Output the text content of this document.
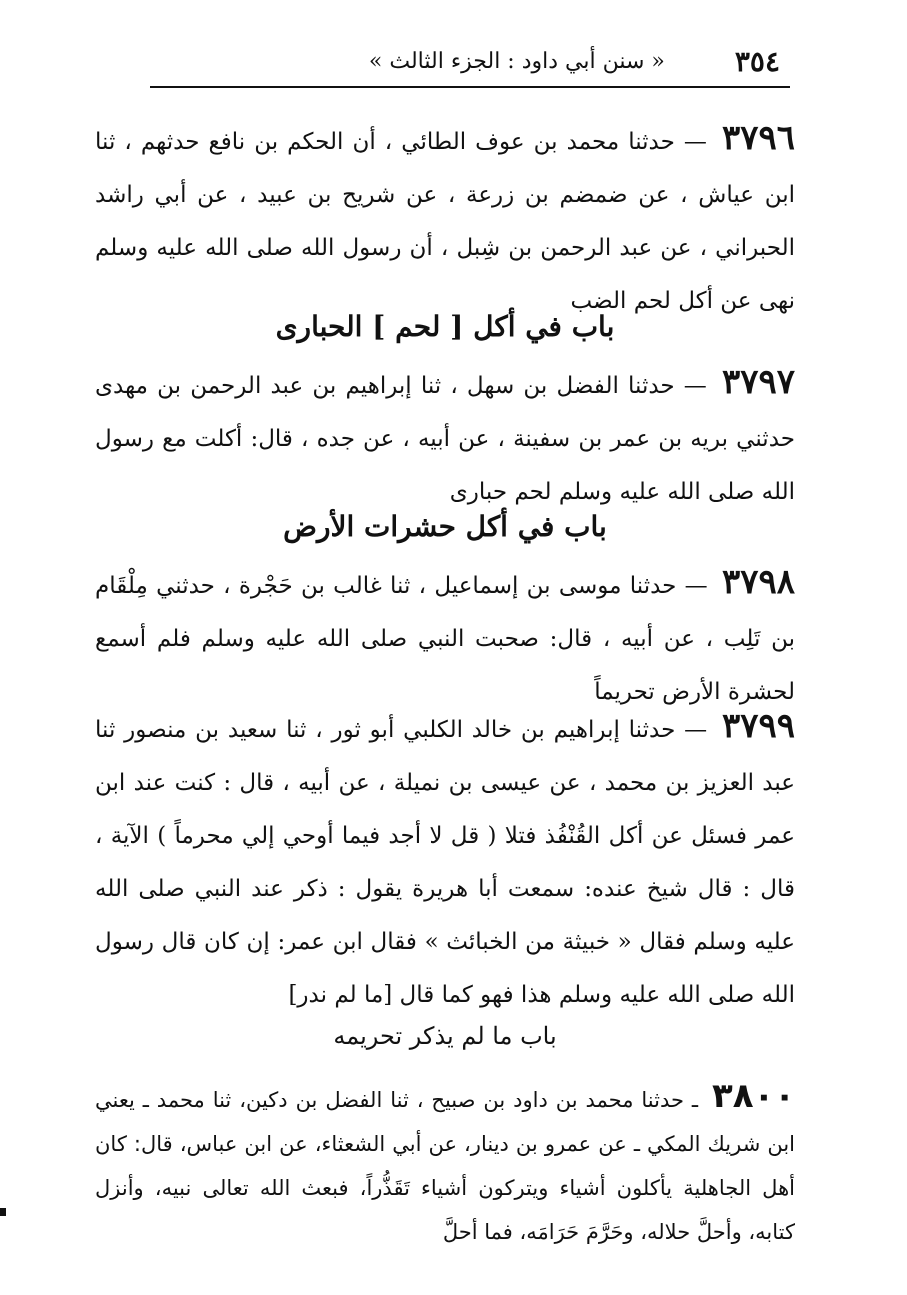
٣٥٤
« سنن أبي داود : الجزء الثالث »
٣٧٩٦ — حدثنا محمد بن عوف الطائي ، أن الحكم بن نافع حدثهم ، ثنا ابن عياش ، عن ضمضم بن زرعة ، عن شريح بن عبيد ، عن أبي راشد الحبراني ، عن عبد الرحمن بن شِبل ، أن رسول الله صلى الله عليه وسلم نهى عن أكل لحم الضب
باب في أكل [ لحم ] الحبارى
٣٧٩٧ — حدثنا الفضل بن سهل ، ثنا إبراهيم بن عبد الرحمن بن مهدى حدثني بريه بن عمر بن سفينة ، عن أبيه ، عن جده ، قال: أكلت مع رسول الله صلى الله عليه وسلم لحم حبارى
باب في أكل حشرات الأرض
٣٧٩٨ — حدثنا موسى بن إسماعيل ، ثنا غالب بن حَجْرة ، حدثني مِلْقَام بن تَلِب ، عن أبيه ، قال: صحبت النبي صلى الله عليه وسلم فلم أسمع لحشرة الأرض تحريماً
٣٧٩٩ — حدثنا إبراهيم بن خالد الكلبي أبو ثور ، ثنا سعيد بن منصور ثنا عبد العزيز بن محمد ، عن عيسى بن نميلة ، عن أبيه ، قال : كنت عند ابن عمر فسئل عن أكل القُنْفُذ فتلا ( قل لا أجد فيما أوحي إلي محرماً ) الآية ، قال : قال شيخ عنده: سمعت أبا هريرة يقول : ذكر عند النبي صلى الله عليه وسلم فقال « خبيثة من الخبائث » فقال ابن عمر: إن كان قال رسول الله صلى الله عليه وسلم هذا فهو كما قال [ما لم ندر]
باب ما لم يذكر تحريمه
٣٨٠٠ ـ حدثنا محمد بن داود بن صبيح ، ثنا الفضل بن دكين، ثنا محمد ـ يعني ابن شريك المكي ـ عن عمرو بن دينار، عن أبي الشعثاء، عن ابن عباس، قال: كان أهل الجاهلية يأكلون أشياء ويتركون أشياء تَقَذُّراً، فبعث الله تعالى نبيه، وأنزل كتابه، وأحلَّ حلاله، وحَرَّمَ حَرَامَه، فما أحلَّ
